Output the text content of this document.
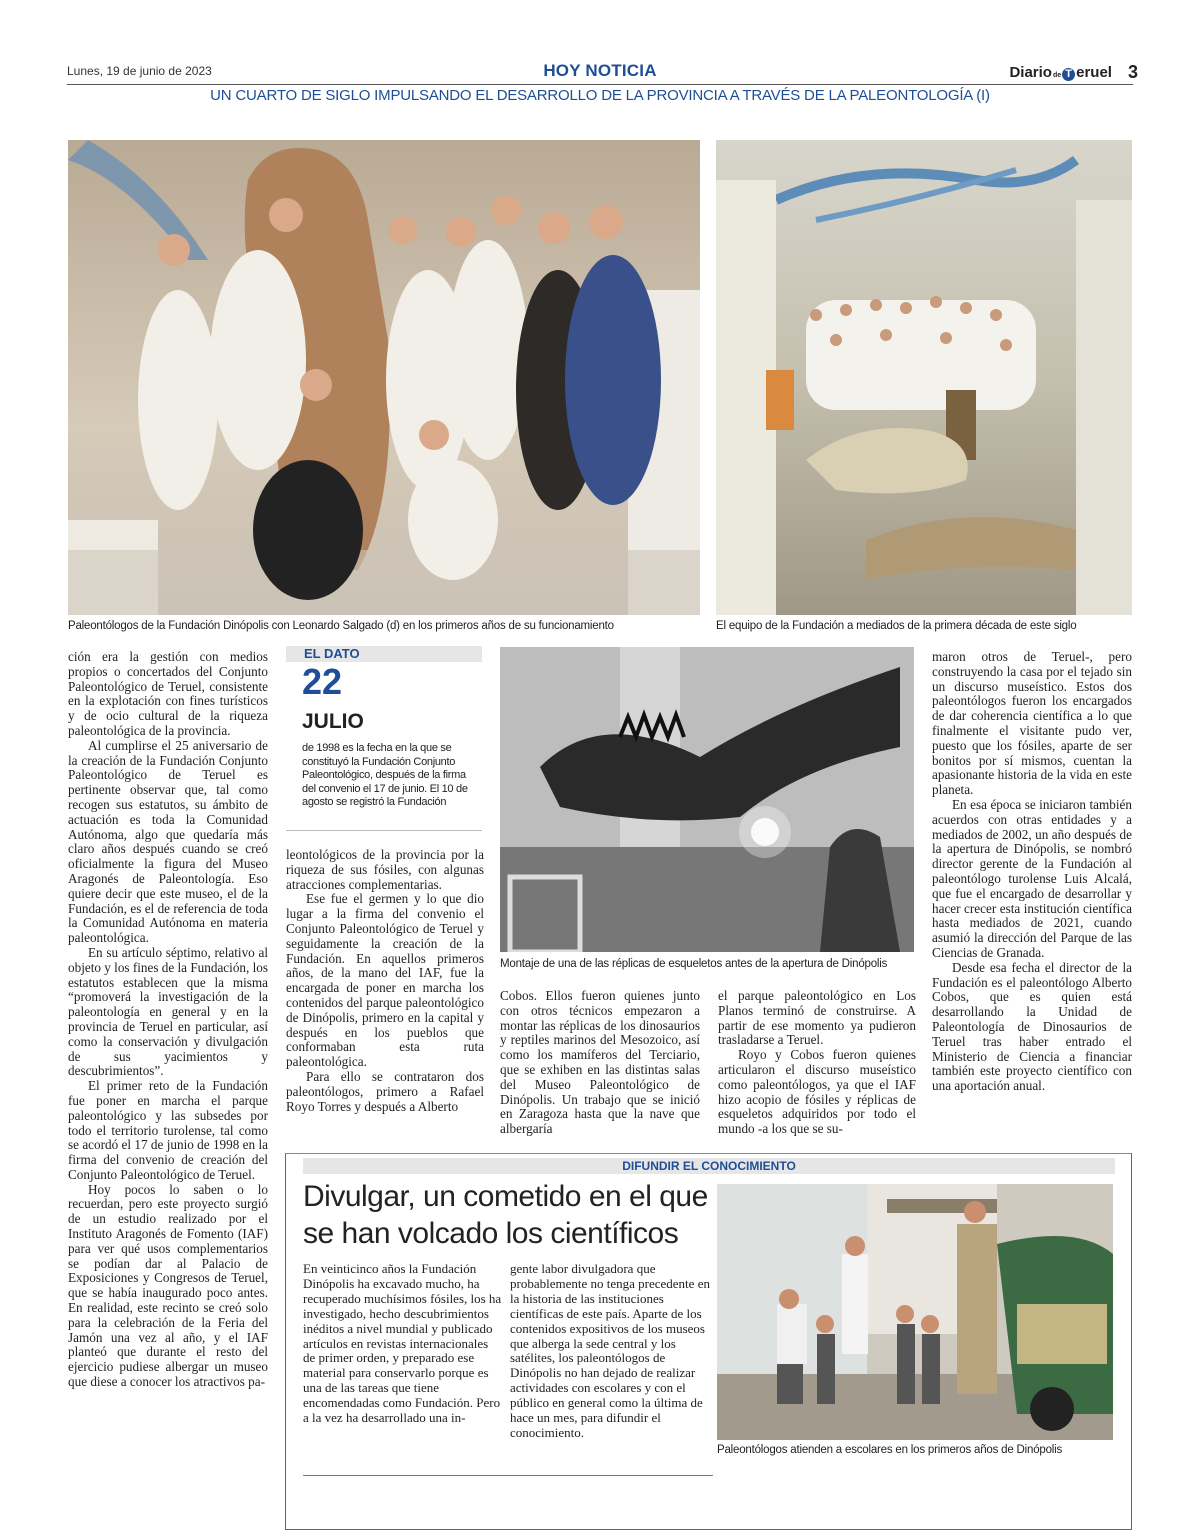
Lunes, 19 de junio de 2023	HOY NOTICIA	Diario de T eruel 3
UN CUARTO DE SIGLO IMPULSANDO EL DESARROLLO DE LA PROVINCIA A TRAVÉS DE LA PALEONTOLOGÍA (I)
Paleontólogos de la Fundación Dinópolis con Leonardo Salgado (d) en los primeros años de su funcionamiento	El equipo de la Fundación a mediados de la primera década de este siglo

ción era la gestión con medios propios o concertados del Conjunto Paleontológico de Teruel, consistente en la explotación con fines turísticos y de ocio cultural de la riqueza paleontológica de la provincia.

Al cumplirse el 25 aniversario de la creación de la Fundación Conjunto Paleontológico de Teruel es pertinente observar que, tal como recogen sus estatutos, su ámbito de actuación es toda la Comunidad Autónoma, algo que quedaría más claro años después cuando se creó oficialmente la figura del Museo Aragonés de Paleontología. Eso quiere decir que este museo, el de la Fundación, es el de referencia de toda la Comunidad Autónoma en materia paleontológica.

En su artículo séptimo, relativo al objeto y los fines de la Fundación, los estatutos establecen que la misma “promoverá la investigación de la paleontología en general y en la provincia de Teruel en particular, así como la conservación y divulgación de sus yacimientos y descubrimientos”.

El primer reto de la Fundación fue poner en marcha el parque paleontológico y las subsedes por todo el territorio turolense, tal como se acordó el 17 de junio de 1998 en la firma del convenio de creación del Conjunto Paleontológico de Teruel.

Hoy pocos lo saben o lo recuerdan, pero este proyecto surgió de un estudio realizado por el Instituto Aragonés de Fomento (IAF) para ver qué usos complementarios se podían dar al Palacio de Exposiciones y Congresos de Teruel, que se había inaugurado poco antes. En realidad, este recinto se creó solo para la celebración de la Feria del Jamón una vez al año, y el IAF planteó que durante el resto del ejercicio pudiese albergar un museo que diese a conocer los atractivos pa-

EL DATO
22
JULIO
de 1998 es la fecha en la que se constituyó la Fundación Conjunto Paleontológico, después de la firma del convenio el 17 de junio. El 10 de agosto se registró la Fundación

leontológicos de la provincia por la riqueza de sus fósiles, con algunas atracciones complementarias.

Ese fue el germen y lo que dio lugar a la firma del convenio el Conjunto Paleontológico de Teruel y seguidamente la creación de la Fundación. En aquellos primeros años, de la mano del IAF, fue la encargada de poner en marcha los contenidos del parque paleontológico de Dinópolis, primero en la capital y después en los pueblos que conformaban esta ruta paleontológica.

Para ello se contrataron dos paleontólogos, primero a Rafael Royo Torres y después a Alberto

Montaje de una de las réplicas de esqueletos antes de la apertura de Dinópolis

Cobos. Ellos fueron quienes junto con otros técnicos empezaron a montar las réplicas de los dinosaurios y reptiles marinos del Mesozoico, así como los mamíferos del Terciario, que se exhiben en las distintas salas del Museo Paleontológico de Dinópolis. Un trabajo que se inició en Zaragoza hasta que la nave que albergaría

el parque paleontológico en Los Planos terminó de construirse. A partir de ese momento ya pudieron trasladarse a Teruel.

Royo y Cobos fueron quienes articularon el discurso museístico como paleontólogos, ya que el IAF hizo acopio de fósiles y réplicas de esqueletos adquiridos por todo el mundo -a los que se su-

maron otros de Teruel-, pero construyendo la casa por el tejado sin un discurso museístico. Estos dos paleontólogos fueron los encargados de dar coherencia científica a lo que finalmente el visitante pudo ver, puesto que los fósiles, aparte de ser bonitos por sí mismos, cuentan la apasionante historia de la vida en este planeta.

En esa época se iniciaron también acuerdos con otras entidades y a mediados de 2002, un año después de la apertura de Dinópolis, se nombró director gerente de la Fundación al paleontólogo turolense Luis Alcalá, que fue el encargado de desarrollar y hacer crecer esta institución científica hasta mediados de 2021, cuando asumió la dirección del Parque de las Ciencias de Granada.

Desde esa fecha el director de la Fundación es el paleontólogo Alberto Cobos, que es quien está desarrollando la Unidad de Paleontología de Dinosaurios de Teruel tras haber entrado el Ministerio de Ciencia a financiar también este proyecto científico con una aportación anual.

DIFUNDIR EL CONOCIMIENTO
Divulgar, un cometido en el que se han volcado los científicos
En veinticinco años la Fundación Dinópolis ha excavado mucho, ha recuperado muchísimos fósiles, los ha investigado, hecho descubrimientos inéditos a nivel mundial y publicado artículos en revistas internacionales de primer orden, y preparado ese material para conservarlo porque es una de las tareas que tiene encomendadas como Fundación. Pero a la vez ha desarrollado una in-
gente labor divulgadora que probablemente no tenga precedente en la historia de las instituciones científicas de este país. Aparte de los contenidos expositivos de los museos que alberga la sede central y los satélites, los paleontólogos de Dinópolis no han dejado de realizar actividades con escolares y con el público en general como la última de hace un mes, para difundir el conocimiento.
Paleontólogos atienden a escolares en los primeros años de Dinópolis
